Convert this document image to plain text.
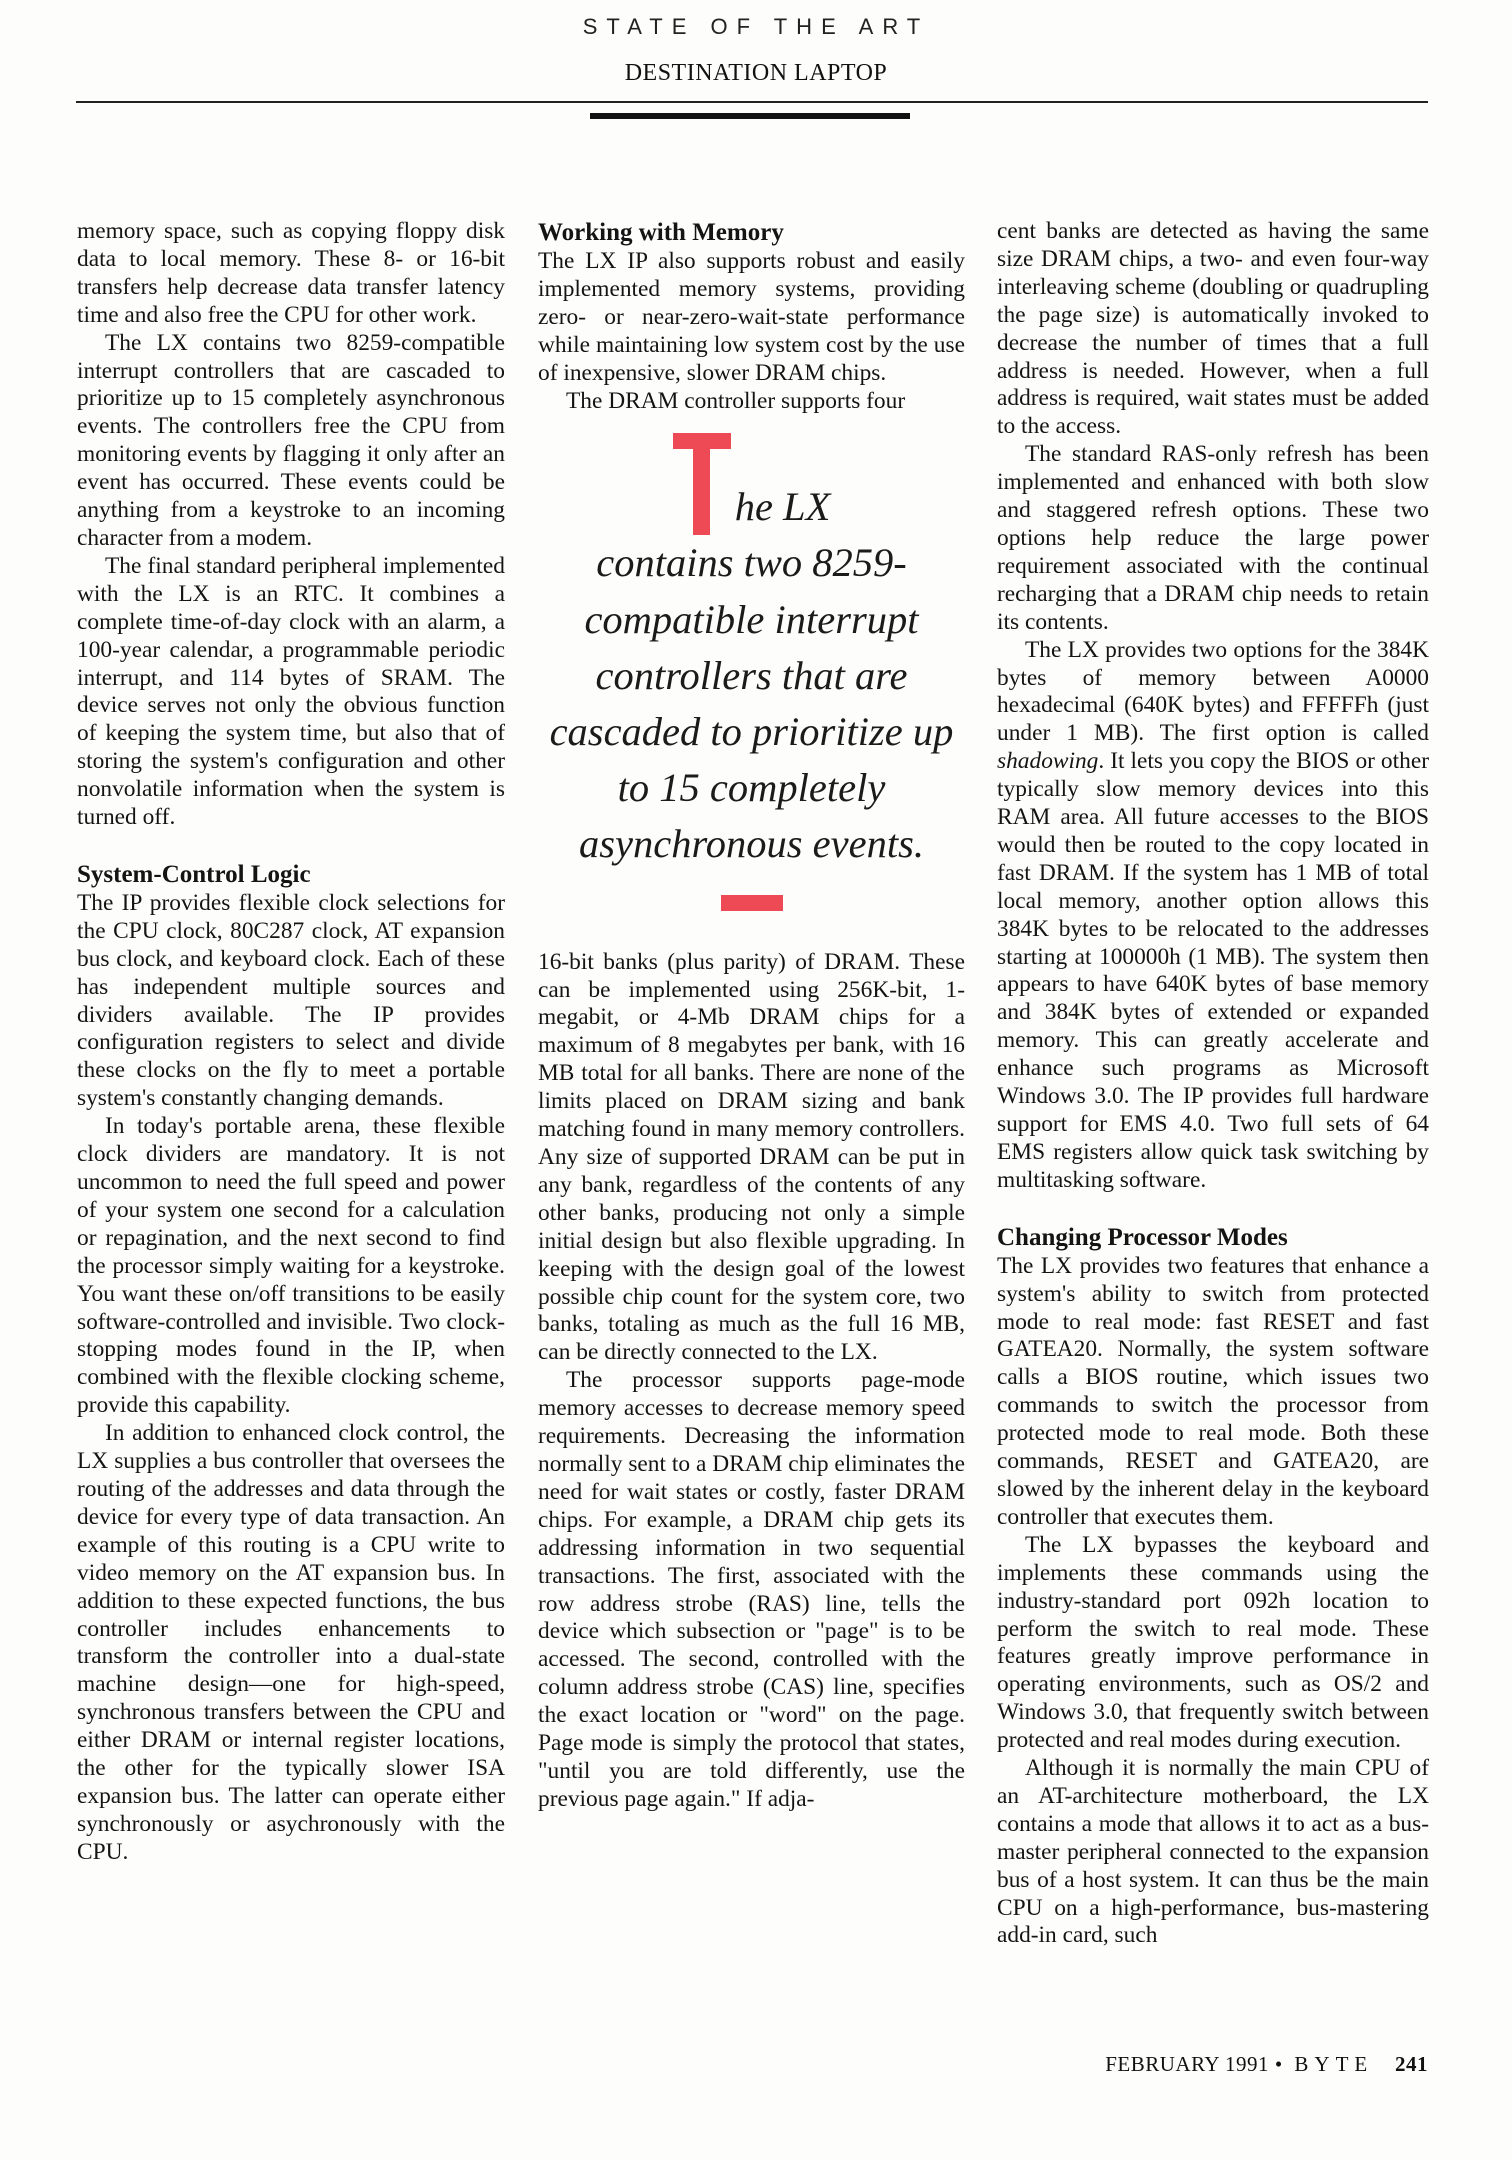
STATE OF THE ART
DESTINATION LAPTOP

memory space, such as copying floppy disk data to local memory. These 8- or 16-bit transfers help decrease data transfer latency time and also free the CPU for other work.

The LX contains two 8259-compatible interrupt controllers that are cascaded to prioritize up to 15 completely asynchronous events. The controllers free the CPU from monitoring events by flagging it only after an event has occurred. These events could be anything from a keystroke to an incoming character from a modem.

The final standard peripheral implemented with the LX is an RTC. It combines a complete time-of-day clock with an alarm, a 100-year calendar, a programmable periodic interrupt, and 114 bytes of SRAM. The device serves not only the obvious function of keeping the system time, but also that of storing the system's configuration and other nonvolatile information when the system is turned off.

System-Control Logic

The IP provides flexible clock selections for the CPU clock, 80C287 clock, AT expansion bus clock, and keyboard clock. Each of these has independent multiple sources and dividers available. The IP provides configuration registers to select and divide these clocks on the fly to meet a portable system's constantly changing demands.

In today's portable arena, these flexible clock dividers are mandatory. It is not uncommon to need the full speed and power of your system one second for a calculation or repagination, and the next second to find the processor simply waiting for a keystroke. You want these on/off transitions to be easily software-controlled and invisible. Two clock-stopping modes found in the IP, when combined with the flexible clocking scheme, provide this capability.

In addition to enhanced clock control, the LX supplies a bus controller that oversees the routing of the addresses and data through the device for every type of data transaction. An example of this routing is a CPU write to video memory on the AT expansion bus. In addition to these expected functions, the bus controller includes enhancements to transform the controller into a dual-state machine design—one for high-speed, synchronous transfers between the CPU and either DRAM or internal register locations, the other for the typically slower ISA expansion bus. The latter can operate either synchronously or asychronously with the CPU.

Working with Memory

The LX IP also supports robust and easily implemented memory systems, providing zero- or near-zero-wait-state performance while maintaining low system cost by the use of inexpensive, slower DRAM chips.

The DRAM controller supports four

he LX
contains two 8259-compatible interrupt controllers that are cascaded to prioritize up to 15 completely asynchronous events.

16-bit banks (plus parity) of DRAM. These can be implemented using 256K-bit, 1-megabit, or 4-Mb DRAM chips for a maximum of 8 megabytes per bank, with 16 MB total for all banks. There are none of the limits placed on DRAM sizing and bank matching found in many memory controllers. Any size of supported DRAM can be put in any bank, regardless of the contents of any other banks, producing not only a simple initial design but also flexible upgrading. In keeping with the design goal of the lowest possible chip count for the system core, two banks, totaling as much as the full 16 MB, can be directly connected to the LX.

The processor supports page-mode memory accesses to decrease memory speed requirements. Decreasing the information normally sent to a DRAM chip eliminates the need for wait states or costly, faster DRAM chips. For example, a DRAM chip gets its addressing information in two sequential transactions. The first, associated with the row address strobe (RAS) line, tells the device which subsection or "page" is to be accessed. The second, controlled with the column address strobe (CAS) line, specifies the exact location or "word" on the page. Page mode is simply the protocol that states, "until you are told differently, use the previous page again." If adja-

cent banks are detected as having the same size DRAM chips, a two- and even four-way interleaving scheme (doubling or quadrupling the page size) is automatically invoked to decrease the number of times that a full address is needed. However, when a full address is required, wait states must be added to the access.

The standard RAS-only refresh has been implemented and enhanced with both slow and staggered refresh options. These two options help reduce the large power requirement associated with the continual recharging that a DRAM chip needs to retain its contents.

The LX provides two options for the 384K bytes of memory between A0000 hexadecimal (640K bytes) and FFFFFh (just under 1 MB). The first option is called shadowing. It lets you copy the BIOS or other typically slow memory devices into this RAM area. All future accesses to the BIOS would then be routed to the copy located in fast DRAM. If the system has 1 MB of total local memory, another option allows this 384K bytes to be relocated to the addresses starting at 100000h (1 MB). The system then appears to have 640K bytes of base memory and 384K bytes of extended or expanded memory. This can greatly accelerate and enhance such programs as Microsoft Windows 3.0. The IP provides full hardware support for EMS 4.0. Two full sets of 64 EMS registers allow quick task switching by multitasking software.

Changing Processor Modes

The LX provides two features that enhance a system's ability to switch from protected mode to real mode: fast RESET and fast GATEA20. Normally, the system software calls a BIOS routine, which issues two commands to switch the processor from protected mode to real mode. Both these commands, RESET and GATEA20, are slowed by the inherent delay in the keyboard controller that executes them.

The LX bypasses the keyboard and implements these commands using the industry-standard port 092h location to perform the switch to real mode. These features greatly improve performance in operating environments, such as OS/2 and Windows 3.0, that frequently switch between protected and real modes during execution.

Although it is normally the main CPU of an AT-architecture motherboard, the LX contains a mode that allows it to act as a bus-master peripheral connected to the expansion bus of a host system. It can thus be the main CPU on a high-performance, bus-mastering add-in card, such

FEBRUARY 1991 • BYTE 241
